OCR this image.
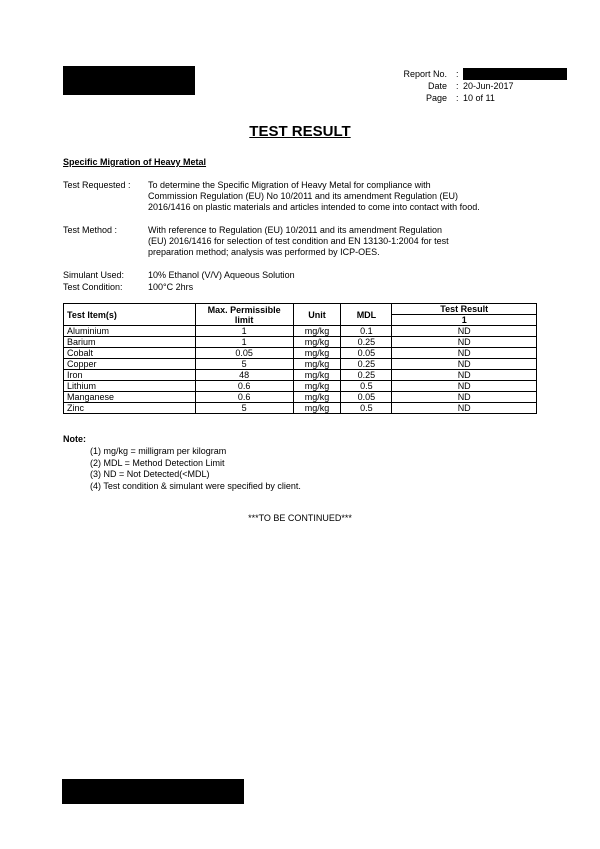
Report No. :
Date : 20-Jun-2017
Page : 10 of 11
TEST RESULT
Specific Migration of Heavy Metal
Test Requested :	To determine the Specific Migration of Heavy Metal for compliance with
Commission Regulation (EU) No 10/2011 and its amendment Regulation (EU)
2016/1416 on plastic materials and articles intended to come into contact with food.
Test Method :	With reference to Regulation (EU) 10/2011 and its amendment Regulation
(EU) 2016/1416 for selection of test condition and EN 13130-1:2004 for test
preparation method; analysis was performed by ICP-OES.
Simulant Used:	10% Ethanol (V/V) Aqueous Solution
Test Condition:	100°C 2hrs
Test Item(s)	Max. Permissible limit	Unit	MDL	Test Result
				1
Aluminium	1	mg/kg	0.1	ND
Barium	1	mg/kg	0.25	ND
Cobalt	0.05	mg/kg	0.05	ND
Copper	5	mg/kg	0.25	ND
Iron	48	mg/kg	0.25	ND
Lithium	0.6	mg/kg	0.5	ND
Manganese	0.6	mg/kg	0.05	ND
Zinc	5	mg/kg	0.5	ND
Note:
(1) mg/kg = milligram per kilogram
(2) MDL = Method Detection Limit
(3) ND = Not Detected(<MDL)
(4) Test condition & simulant were specified by client.
***TO BE CONTINUED***
